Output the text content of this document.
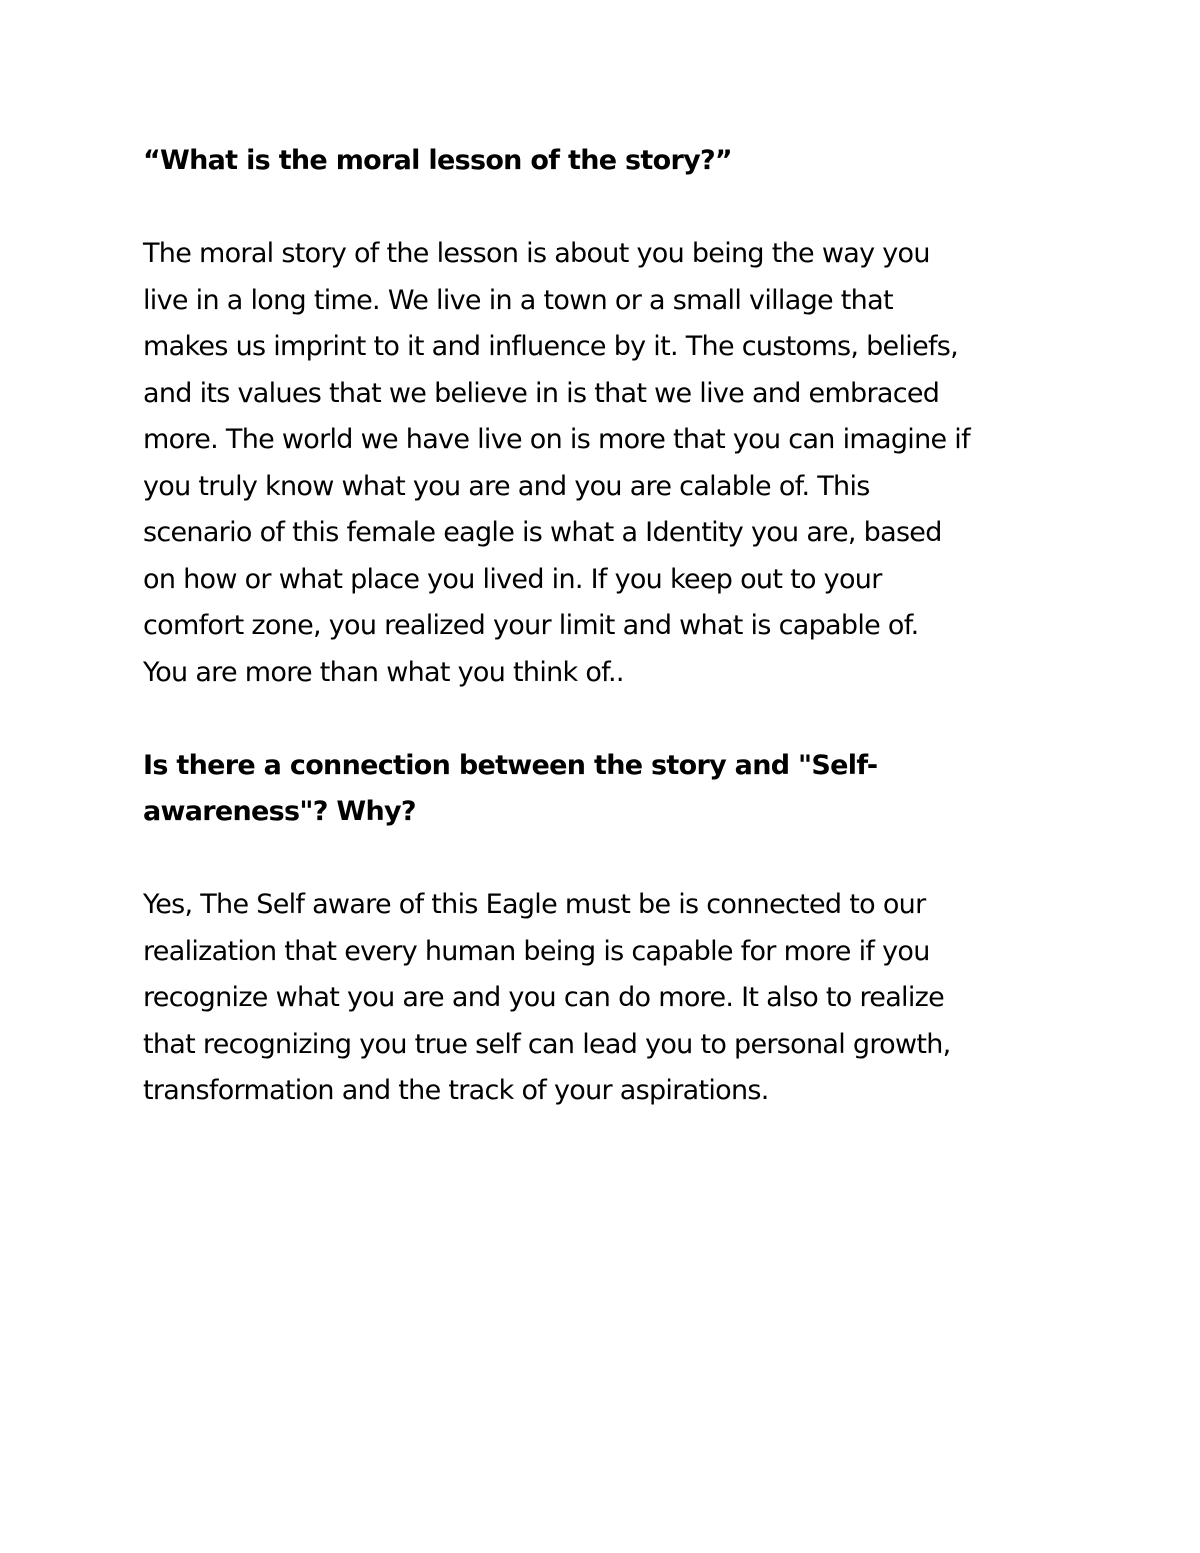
“What is the moral lesson of the story?”
The moral story of the lesson is about you being the way you
live in a long time. We live in a town or a small village that
makes us imprint to it and influence by it. The customs, beliefs,
and its values that we believe in is that we live and embraced
more. The world we have live on is more that you can imagine if
you truly know what you are and you are calable of. This
scenario of this female eagle is what a Identity you are, based
on how or what place you lived in. If you keep out to your
comfort zone, you realized your limit and what is capable of.
You are more than what you think of..
Is there a connection between the story and "Self-
awareness"? Why?
Yes, The Self aware of this Eagle must be is connected to our
realization that every human being is capable for more if you
recognize what you are and you can do more. It also to realize
that recognizing you true self can lead you to personal growth,
transformation and the track of your aspirations.
